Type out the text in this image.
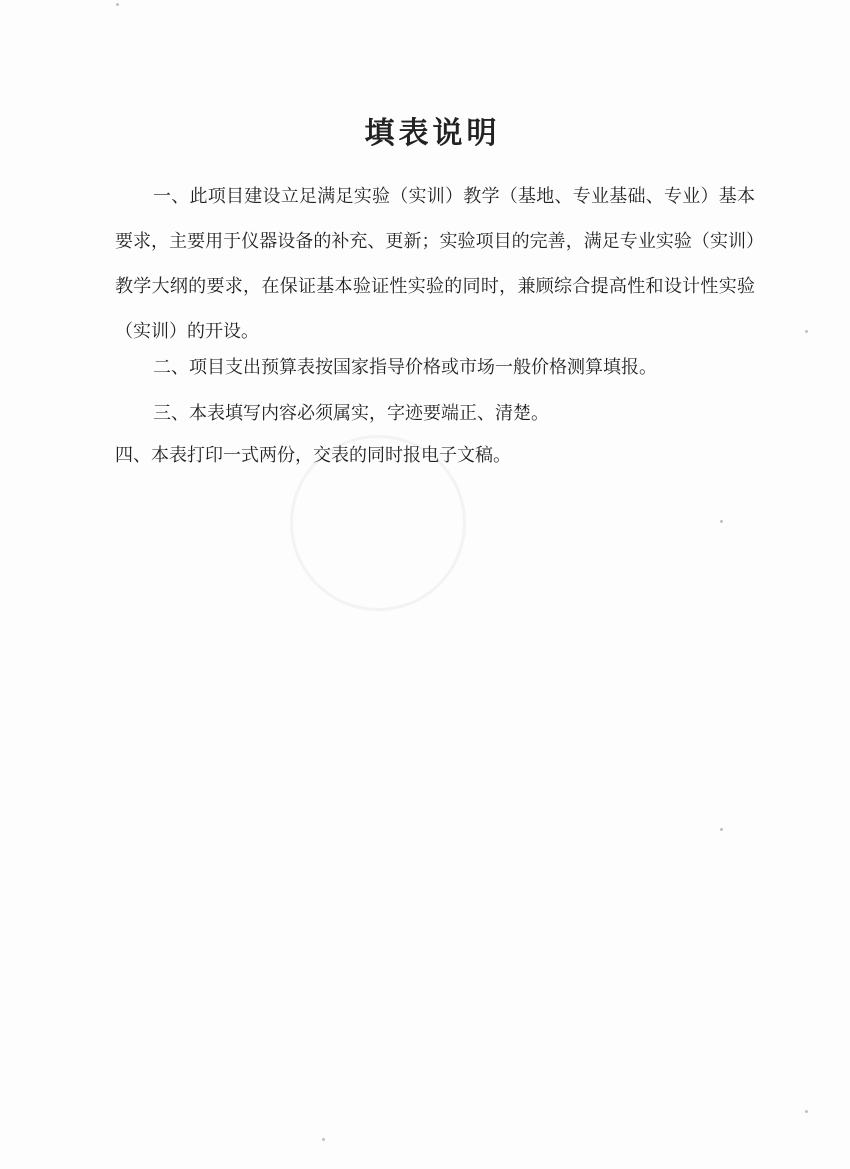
填表说明

一、此项目建设立足满足实验（实训）教学（基地、专业基础、专业）基本要求，主要用于仪器设备的补充、更新；实验项目的完善，满足专业实验（实训）教学大纲的要求，在保证基本验证性实验的同时，兼顾综合提高性和设计性实验（实训）的开设。

二、项目支出预算表按国家指导价格或市场一般价格测算填报。

三、本表填写内容必须属实，字迹要端正、清楚。

四、本表打印一式两份，交表的同时报电子文稿。
